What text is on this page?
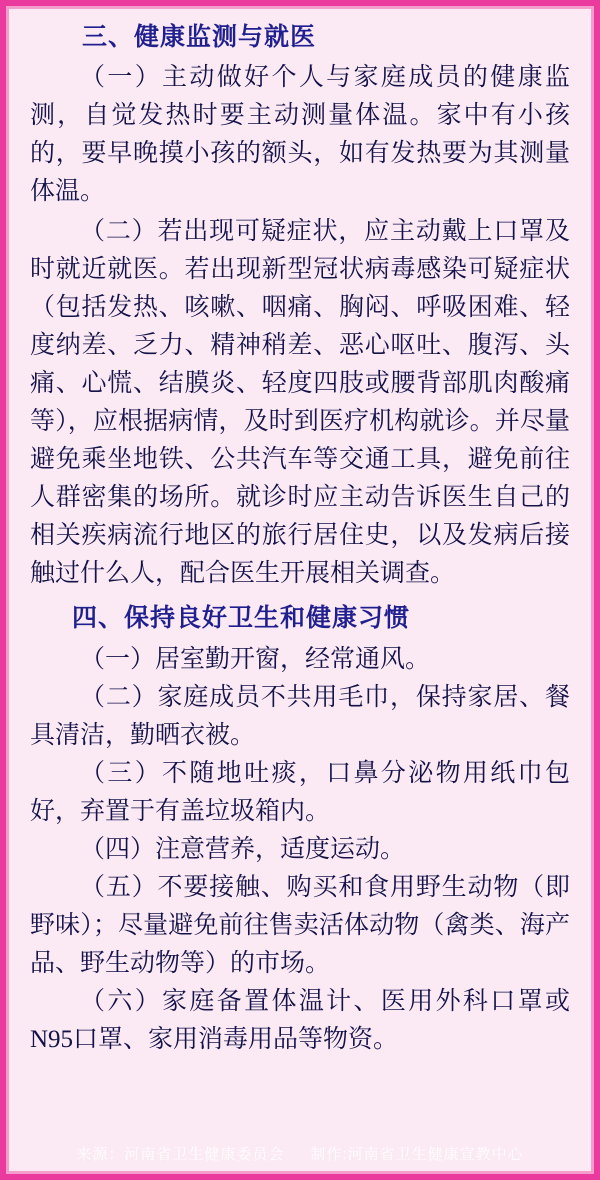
三、健康监测与就医

（一）主动做好个人与家庭成员的健康监测，自觉发热时要主动测量体温。家中有小孩的，要早晚摸小孩的额头，如有发热要为其测量体温。

（二）若出现可疑症状，应主动戴上口罩及时就近就医。若出现新型冠状病毒感染可疑症状（包括发热、咳嗽、咽痛、胸闷、呼吸困难、轻度纳差、乏力、精神稍差、恶心呕吐、腹泻、头痛、心慌、结膜炎、轻度四肢或腰背部肌肉酸痛等），应根据病情，及时到医疗机构就诊。并尽量避免乘坐地铁、公共汽车等交通工具，避免前往人群密集的场所。就诊时应主动告诉医生自己的相关疾病流行地区的旅行居住史，以及发病后接触过什么人，配合医生开展相关调查。

四、保持良好卫生和健康习惯

（一）居室勤开窗，经常通风。

（二）家庭成员不共用毛巾，保持家居、餐具清洁，勤晒衣被。

（三）不随地吐痰，口鼻分泌物用纸巾包好，弃置于有盖垃圾箱内。

（四）注意营养，适度运动。

（五）不要接触、购买和食用野生动物（即野味）；尽量避免前往售卖活体动物（禽类、海产品、野生动物等）的市场。

（六）家庭备置体温计、医用外科口罩或N95口罩、家用消毒用品等物资。

来源：河南省卫生健康委员会 制作:河南省卫生健康宣教中心
